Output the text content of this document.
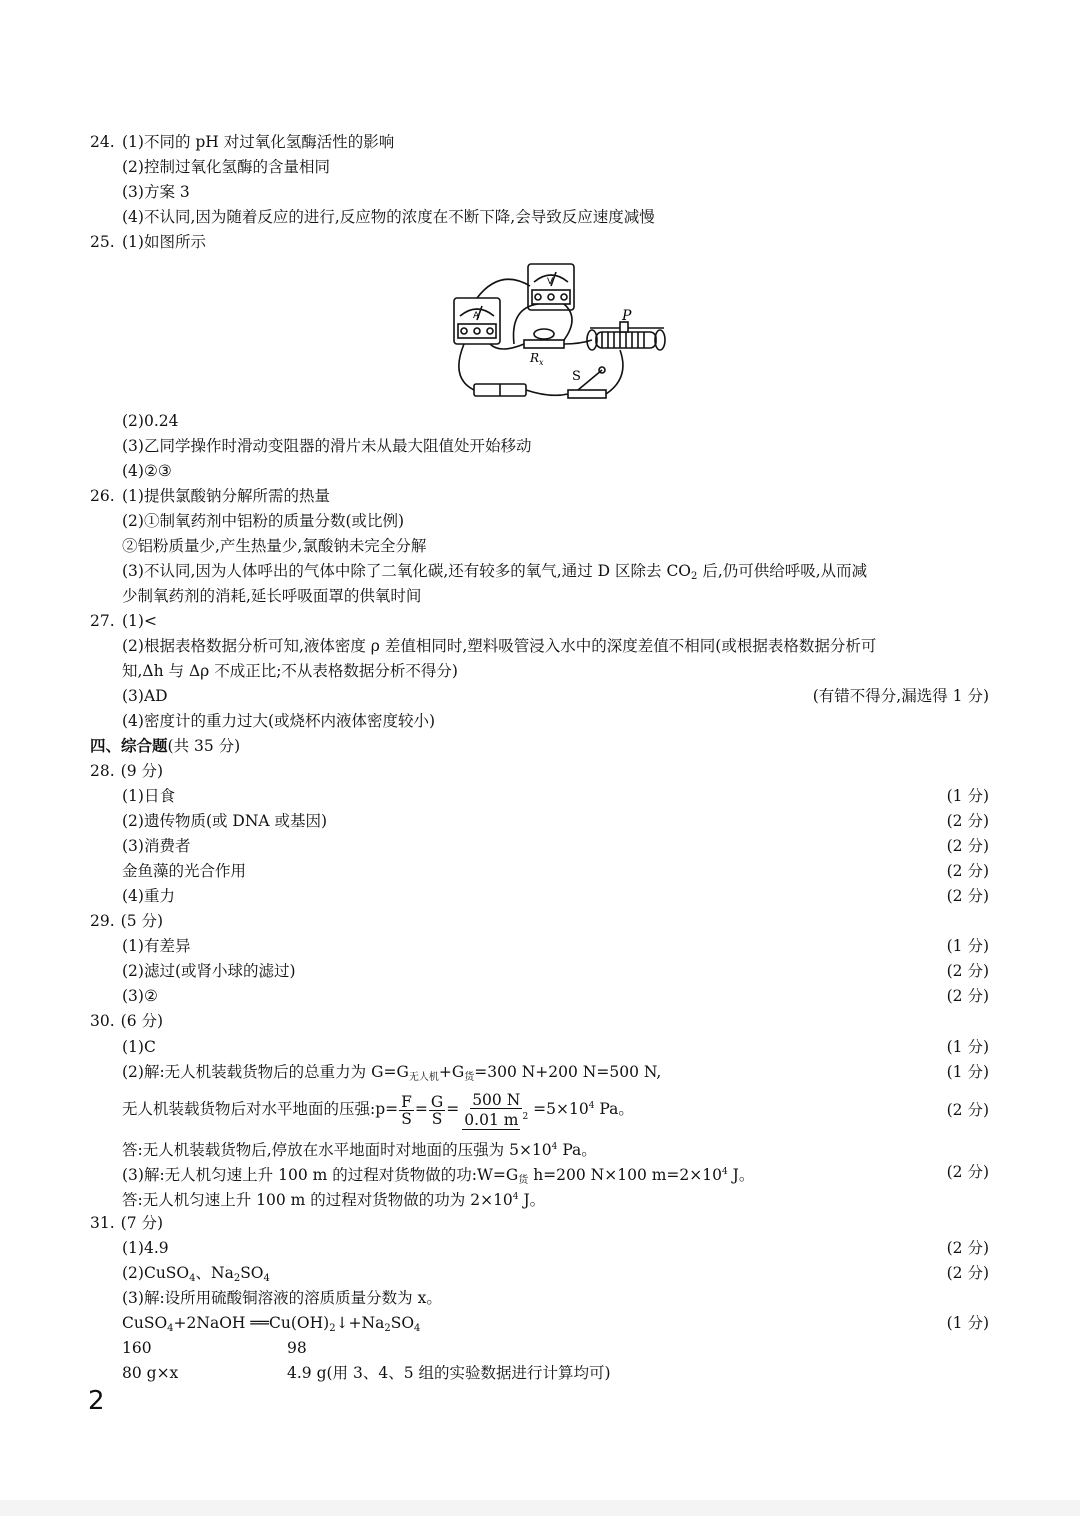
24. (1)不同的 pH 对过氧化氢酶活性的影响
(2)控制过氧化氢酶的含量相同
(3)方案 3
(4)不认同,因为随着反应的进行,反应物的浓度在不断下降,会导致反应速度减慢
25. (1)如图所示
P
$R_x$
S
A
V
(2)0.24
(3)乙同学操作时滑动变阻器的滑片未从最大阻值处开始移动
(4)②③
26. (1)提供氯酸钠分解所需的热量
(2)①制氧药剂中铝粉的质量分数(或比例)
②铝粉质量少,产生热量少,氯酸钠未完全分解
(3)不认同,因为人体呼出的气体中除了二氧化碳,还有较多的氧气,通过 D 区除去 $CO_2$ 后,仍可供给呼吸,从而减
少制氧药剂的消耗,延长呼吸面罩的供氧时间
27. (1)<
(2)根据表格数据分析可知,液体密度 ρ 差值相同时,塑料吸管浸入水中的深度差值不相同(或根据表格数据分析可
知,Δh 与 Δρ 不成正比;不从表格数据分析不得分)
(3)AD	(有错不得分,漏选得 1 分)
(4)密度计的重力过大(或烧杯内液体密度较小)
四、综合题(共 35 分)
28. (9 分)
(1)日食	(1 分)
(2)遗传物质(或 DNA 或基因)	(2 分)
(3)消费者	(2 分)
金鱼藻的光合作用	(2 分)
(4)重力	(2 分)
29. (5 分)
(1)有差异	(1 分)
(2)滤过(或肾小球的滤过)	(2 分)
(3)②	(2 分)
30. (6 分)
(1)C	(1 分)
(2)解:无人机装载货物后的总重力为 $G=G_{无人机}+G_货=300$ N+200 N=500 N,	(1 分)
无人机装载货物后对水平地面的压强:p= $\frac{F}{S} = \frac{G}{S} = \frac{500 N}{0.01 m ^2} =5\times 10^4$ Pa。	(2 分)
答:无人机装载货物后,停放在水平地面时对地面的压强为 $5\times 10^4$ Pa。
(3)解:无人机匀速上升 100 m 的过程对货物做的功$:W=G_货$ h=200 N×100 $m=2\times 10^4$ J。	(2 分)
答:无人机匀速上升 100 m 的过程对货物做的功为 $2\times 10^4$ J。
31. (7 分)
(1)4.9	(2 分)
(2)CuSO$_4$、$Na_2SO_4$	(2 分)
(3)解:设所用硫酸铜溶液的溶质质量分数为 x。
CuSO$_4$+2NaOH $══Cu(OH)_2↓+Na_2SO_4$	(1 分)
160	98
80 g×x	4.9 g(用 3、4、5 组的实验数据进行计算均可)
2
